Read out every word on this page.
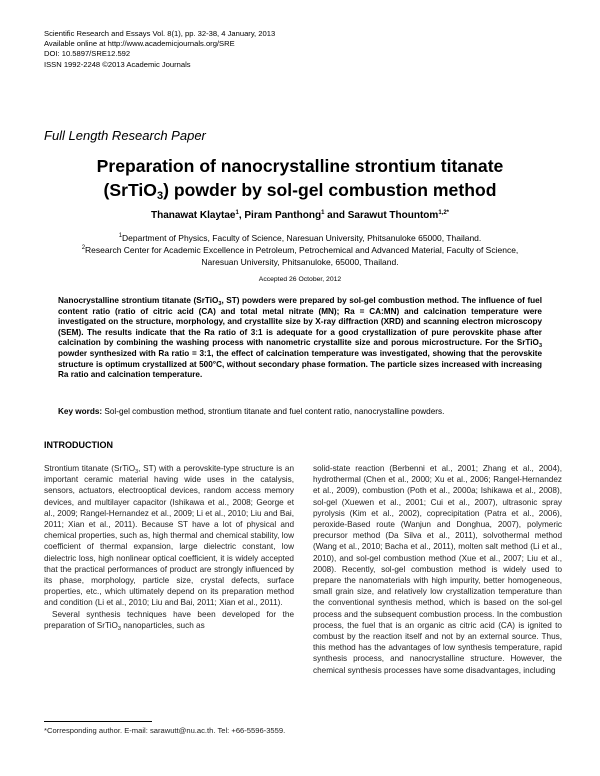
Scientific Research and Essays Vol. 8(1), pp. 32-38, 4 January, 2013
Available online at http://www.academicjournals.org/SRE
DOI: 10.5897/SRE12.592
ISSN 1992-2248 ©2013 Academic Journals
Full Length Research Paper
Preparation of nanocrystalline strontium titanate
(SrTiO$_3$) powder by sol-gel combustion method
Thanawat Klaytae$^1$, Piram Panthong$^1$ and Sarawut Thountom$^{1,2*}$
$^1$Department of Physics, Faculty of Science, Naresuan University, Phitsanuloke 65000, Thailand.
$^2$Research Center for Academic Excellence in Petroleum, Petrochemical and Advanced Material, Faculty of Science,
Naresuan University, Phitsanuloke, 65000, Thailand.
Accepted 26 October, 2012
Nanocrystalline strontium titanate (SrTiO$_3$, ST) powders were prepared by sol-gel combustion method. The influence of fuel content ratio (ratio of citric acid (CA) and total metal nitrate (MN); Ra = CA:MN) and calcination temperature were investigated on the structure, morphology, and crystallite size by X-ray diffraction (XRD) and scanning electron microscopy (SEM). The results indicate that the Ra ratio of 3:1 is adequate for a good crystallization of pure perovskite phase after calcination by combining the washing process with nanometric crystallite size and porous microstructure. For the SrTiO$_3$ powder synthesized with Ra ratio = 3:1, the effect of calcination temperature was investigated, showing that the perovskite structure is optimum crystallized at 500°C, without secondary phase formation. The particle sizes increased with increasing Ra ratio and calcination temperature.
Key words: Sol-gel combustion method, strontium titanate and fuel content ratio, nanocrystalline powders.
INTRODUCTION

Strontium titanate (SrTiO$_3$, ST) with a perovskite-type structure is an important ceramic material having wide uses in the catalysis, sensors, actuators, electrooptical devices, random access memory devices, and multilayer capacitor (Ishikawa et al., 2008; George et al., 2009; Rangel-Hernandez et al., 2009; Li et al., 2010; Liu and Bai, 2011; Xian et al., 2011). Because ST have a lot of physical and chemical properties, such as, high thermal and chemical stability, low coefficient of thermal expansion, large dielectric constant, low dielectric loss, high nonlinear optical coefficient, it is widely accepted that the practical performances of product are strongly influenced by its phase, morphology, particle size, crystal defects, surface properties, etc., which ultimately depend on its preparation method and condition (Li et al., 2010; Liu and Bai, 2011; Xian et al., 2011).

Several synthesis techniques have been developed for the preparation of SrTiO$_3$ nanoparticles, such as

solid-state reaction (Berbenni et al., 2001; Zhang et al., 2004), hydrothermal (Chen et al., 2000; Xu et al., 2006; Rangel-Hernandez et al., 2009), combustion (Poth et al., 2000a; Ishikawa et al., 2008), sol-gel (Xuewen et al., 2001; Cui et al., 2007), ultrasonic spray pyrolysis (Kim et al., 2002), coprecipitation (Patra et al., 2006), peroxide-Based route (Wanjun and Donghua, 2007), polymeric precursor method (Da Silva et al., 2011), solvothermal method (Wang et al., 2010; Bacha et al., 2011), molten salt method (Li et al., 2010), and sol-gel combustion method (Xue et al., 2007; Liu et al., 2008). Recently, sol-gel combustion method is widely used to prepare the nanomaterials with high impurity, better homogeneous, small grain size, and relatively low crystallization temperature than the conventional synthesis method, which is based on the sol-gel process and the subsequent combustion process. In the combustion process, the fuel that is an organic as citric acid (CA) is ignited to combust by the reaction itself and not by an external source. Thus, this method has the advantages of low synthesis temperature, rapid synthesis process, and nanocrystalline structure. However, the chemical synthesis processes have some disadvantages, including

*Corresponding author. E-mail: sarawutt@nu.ac.th. Tel: +66-5596-3559.
